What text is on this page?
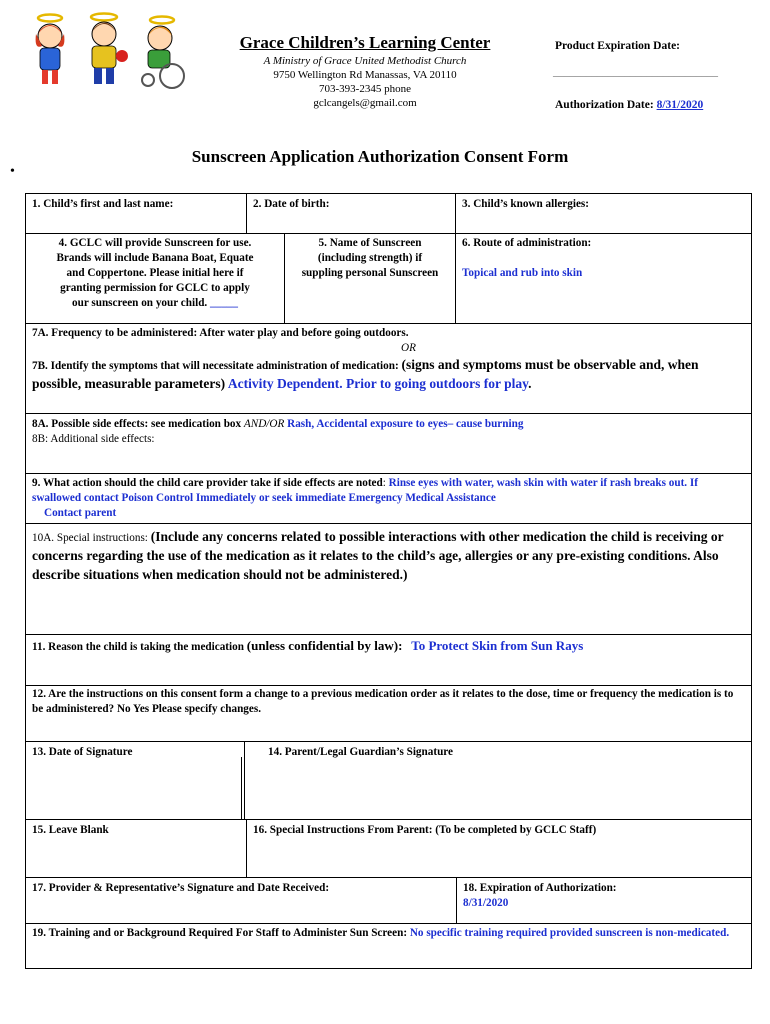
Grace Children’s Learning Center
A Ministry of Grace United Methodist Church
9750 Wellington Rd Manassas, VA 20110
703-393-2345 phone
gclcangels@gmail.com
Product Expiration Date:
______________________________
Authorization Date: 8/31/2020
Sunscreen Application Authorization Consent Form
•
1. Child’s first and last name:	2. Date of birth:	3. Child’s known allergies:
4. GCLC will provide Sunscreen for use.
Brands will include Banana Boat, Equate
and Coppertone. Please initial here if
granting permission for GCLC to apply
our sunscreen on your child. _____
5. Name of Sunscreen
(including strength) if
suppling personal Sunscreen
6. Route of administration:
Topical and rub into skin
7A. Frequency to be administered: After water play and before going outdoors.
OR
7B. Identify the symptoms that will necessitate administration of medication: (signs and symptoms must be observable and, when possible, measurable parameters) Activity Dependent. Prior to going outdoors for play.
8A. Possible side effects: see medication box AND/OR Rash, Accidental exposure to eyes– cause burning
8B: Additional side effects:
9. What action should the child care provider take if side effects are noted: Rinse eyes with water, wash skin with water if rash breaks out. If swallowed contact Poison Control Immediately or seek immediate Emergency Medical Assistance
Contact parent
10A. Special instructions: (Include any concerns related to possible interactions with other medication the child is receiving or concerns regarding the use of the medication as it relates to the child’s age, allergies or any pre-existing conditions. Also describe situations when medication should not be administered.)
11. Reason the child is taking the medication (unless confidential by law): To Protect Skin from Sun Rays
12. Are the instructions on this consent form a change to a previous medication order as it relates to the dose, time or frequency the medication is to be administered? No Yes Please specify changes.
13. Date of Signature	14. Parent/Legal Guardian’s Signature
15. Leave Blank	16. Special Instructions From Parent: (To be completed by GCLC Staff)
17. Provider & Representative’s Signature and Date Received:	18. Expiration of Authorization:
8/31/2020
19. Training and or Background Required For Staff to Administer Sun Screen: No specific training required provided sunscreen is non-medicated.
